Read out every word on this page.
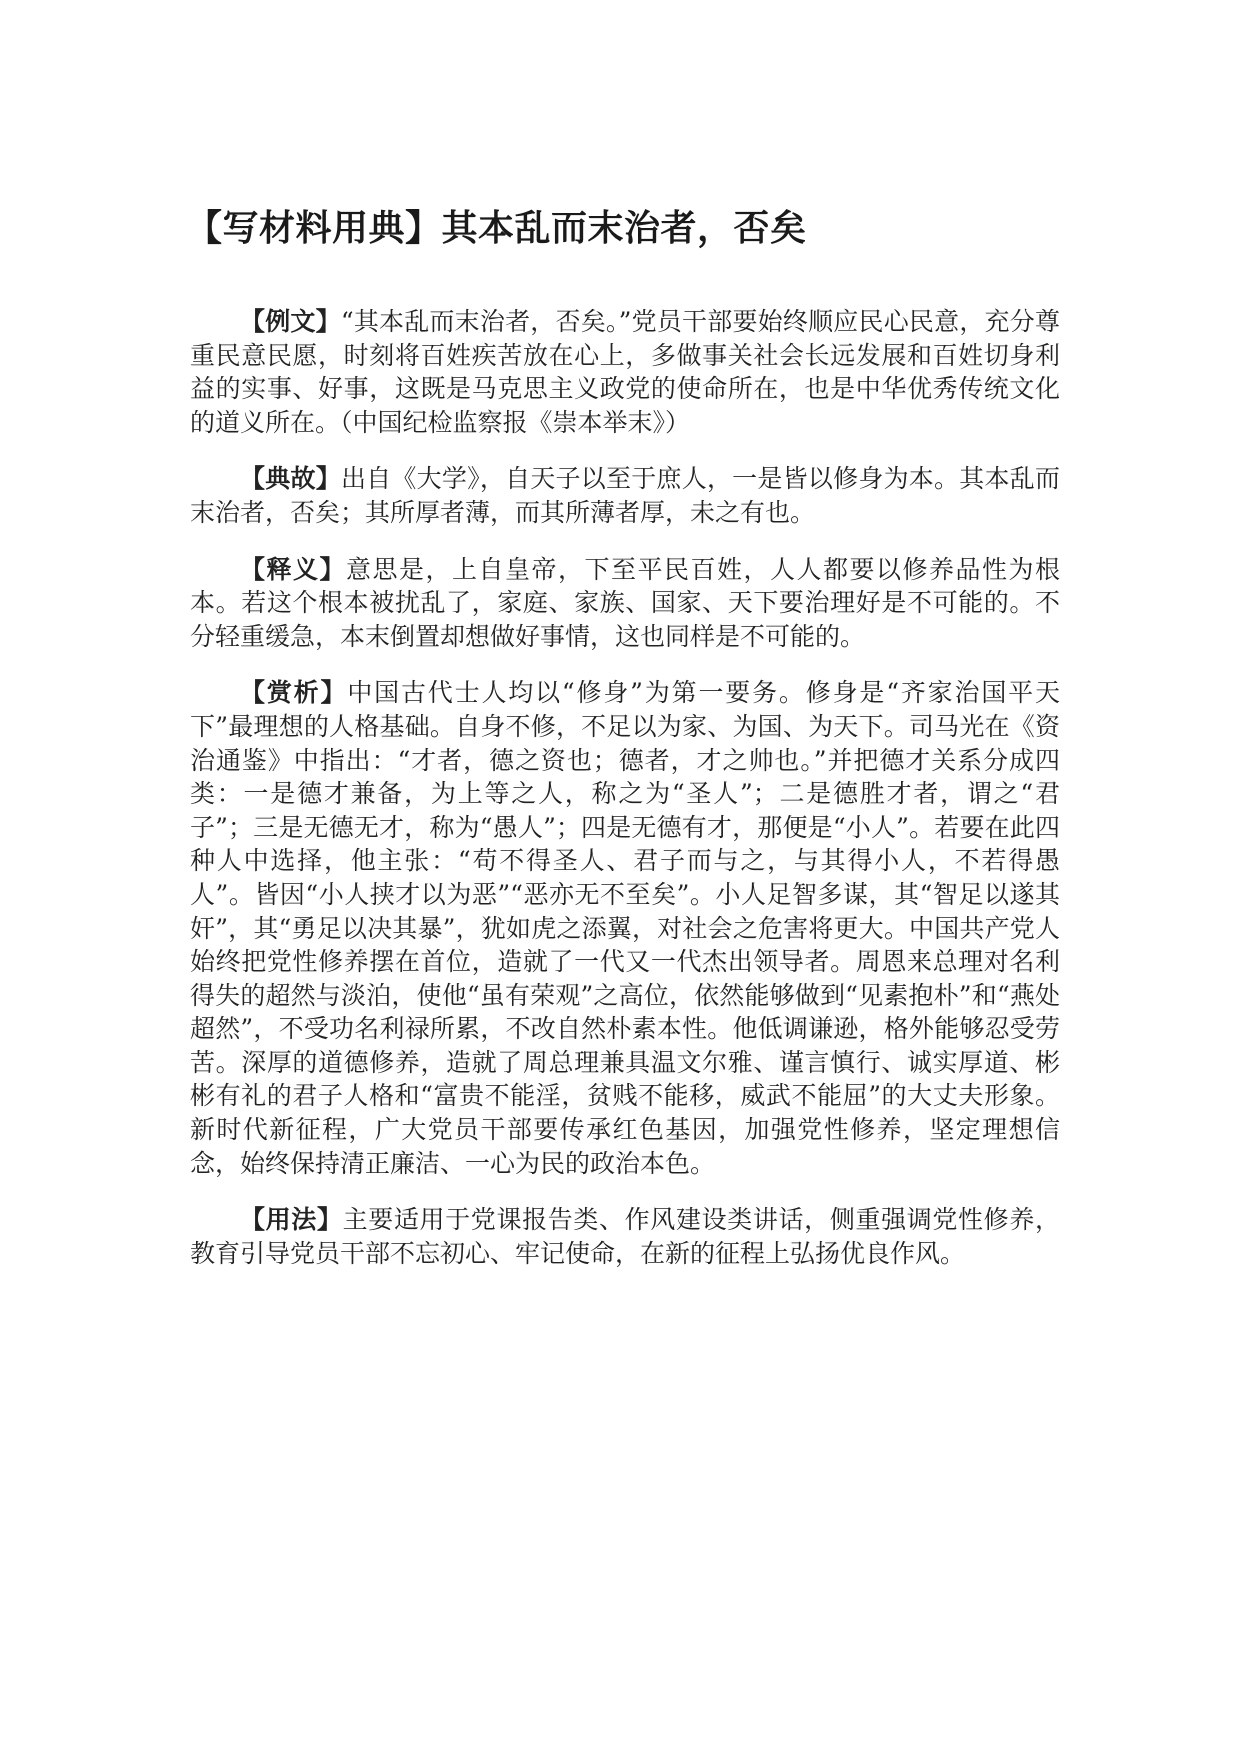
【写材料用典】其本乱而末治者，否矣

【例文】“其本乱而末治者，否矣。”党员干部要始终顺应民心民意，充分尊重民意民愿，时刻将百姓疾苦放在心上，多做事关社会长远发展和百姓切身利益的实事、好事，这既是马克思主义政党的使命所在，也是中华优秀传统文化的道义所在。（中国纪检监察报《崇本举末》）

【典故】出自《大学》，自天子以至于庶人，一是皆以修身为本。其本乱而末治者，否矣；其所厚者薄，而其所薄者厚，未之有也。

【释义】意思是，上自皇帝，下至平民百姓，人人都要以修养品性为根本。若这个根本被扰乱了，家庭、家族、国家、天下要治理好是不可能的。不分轻重缓急，本末倒置却想做好事情，这也同样是不可能的。

【赏析】中国古代士人均以“修身”为第一要务。修身是“齐家治国平天下”最理想的人格基础。自身不修，不足以为家、为国、为天下。司马光在《资治通鉴》中指出：“才者，德之资也；德者，才之帅也。”并把德才关系分成四类：一是德才兼备，为上等之人，称之为“圣人”；二是德胜才者，谓之“君子”；三是无德无才，称为“愚人”；四是无德有才，那便是“小人”。若要在此四种人中选择，他主张：“苟不得圣人、君子而与之，与其得小人，不若得愚人”。皆因“小人挟才以为恶”“恶亦无不至矣”。小人足智多谋，其“智足以遂其奸”，其“勇足以决其暴”，犹如虎之添翼，对社会之危害将更大。中国共产党人始终把党性修养摆在首位，造就了一代又一代杰出领导者。周恩来总理对名利得失的超然与淡泊，使他“虽有荣观”之高位，依然能够做到“见素抱朴”和“燕处超然”，不受功名利禄所累，不改自然朴素本性。他低调谦逊，格外能够忍受劳苦。深厚的道德修养，造就了周总理兼具温文尔雅、谨言慎行、诚实厚道、彬彬有礼的君子人格和“富贵不能淫，贫贱不能移，威武不能屈”的大丈夫形象。新时代新征程，广大党员干部要传承红色基因，加强党性修养，坚定理想信念，始终保持清正廉洁、一心为民的政治本色。

【用法】主要适用于党课报告类、作风建设类讲话，侧重强调党性修养，教育引导党员干部不忘初心、牢记使命，在新的征程上弘扬优良作风。
